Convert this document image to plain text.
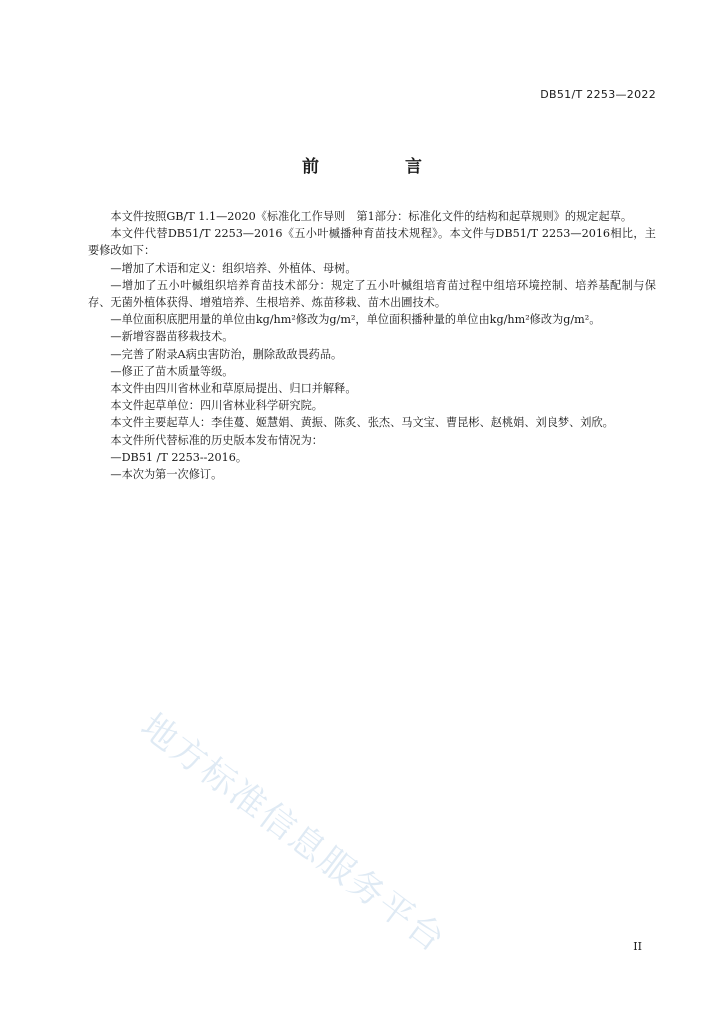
DB51/T 2253—2022
前 言

本文件按照GB/T 1.1—2020《标准化工作导则　第1部分：标准化文件的结构和起草规则》的规定起草。

本文件代替DB51/T 2253—2016《五小叶槭播种育苗技术规程》。本文件与DB51/T 2253—2016相比，主要修改如下：

—增加了术语和定义：组织培养、外植体、母树。

—增加了五小叶槭组织培养育苗技术部分：规定了五小叶槭组培育苗过程中组培环境控制、培养基配制与保存、无菌外植体获得、增殖培养、生根培养、炼苗移栽、苗木出圃技术。

—单位面积底肥用量的单位由kg/hm²修改为g/m²，单位面积播种量的单位由kg/hm²修改为g/m²。

—新增容器苗移栽技术。

—完善了附录A病虫害防治，删除敌敌畏药品。

—修正了苗木质量等级。

本文件由四川省林业和草原局提出、归口并解释。

本文件起草单位：四川省林业科学研究院。

本文件主要起草人：李佳蔓、姬慧娟、黄振、陈炙、张杰、马文宝、曹昆彬、赵桃娟、刘良梦、刘欣。

本文件所代替标准的历史版本发布情况为：

—DB51 /T 2253--2016。

—本次为第一次修订。

地方标准信息服务平台	II
